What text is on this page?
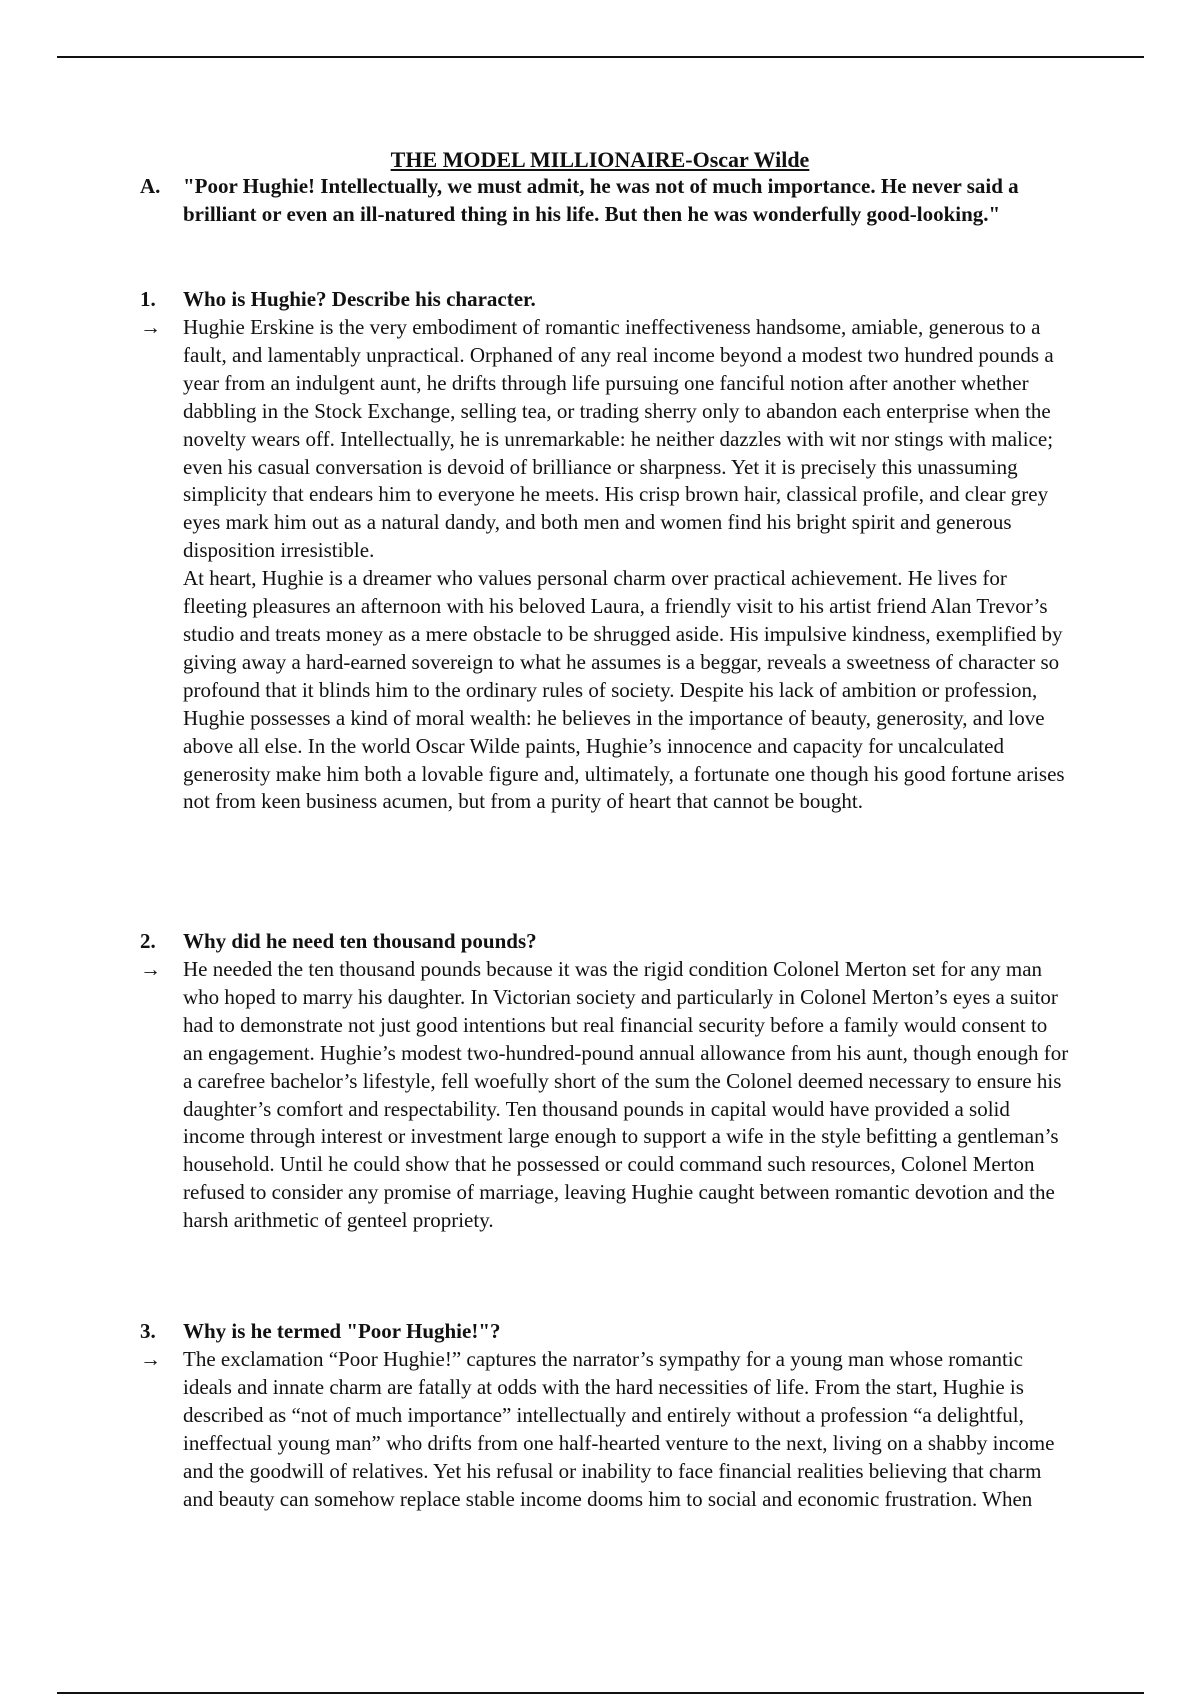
THE MODEL MILLIONAIRE-Oscar Wilde
A.	"Poor Hughie! Intellectually, we must admit, he was not of much importance. He never said a brilliant or even an ill-natured thing in his life. But then he was wonderfully good-looking."
1.	Who is Hughie? Describe his character.
→	Hughie Erskine is the very embodiment of romantic ineffectiveness handsome, amiable, generous to a fault, and lamentably unpractical. Orphaned of any real income beyond a modest two hundred pounds a year from an indulgent aunt, he drifts through life pursuing one fanciful notion after another whether dabbling in the Stock Exchange, selling tea, or trading sherry only to abandon each enterprise when the novelty wears off. Intellectually, he is unremarkable: he neither dazzles with wit nor stings with malice; even his casual conversation is devoid of brilliance or sharpness. Yet it is precisely this unassuming simplicity that endears him to everyone he meets. His crisp brown hair, classical profile, and clear grey eyes mark him out as a natural dandy, and both men and women find his bright spirit and generous disposition irresistible.

At heart, Hughie is a dreamer who values personal charm over practical achievement. He lives for fleeting pleasures an afternoon with his beloved Laura, a friendly visit to his artist friend Alan Trevor’s studio and treats money as a mere obstacle to be shrugged aside. His impulsive kindness, exemplified by giving away a hard-earned sovereign to what he assumes is a beggar, reveals a sweetness of character so profound that it blinds him to the ordinary rules of society. Despite his lack of ambition or profession, Hughie possesses a kind of moral wealth: he believes in the importance of beauty, generosity, and love above all else. In the world Oscar Wilde paints, Hughie’s innocence and capacity for uncalculated generosity make him both a lovable figure and, ultimately, a fortunate one though his good fortune arises not from keen business acumen, but from a purity of heart that cannot be bought.

2.	Why did he need ten thousand pounds?
→	He needed the ten thousand pounds because it was the rigid condition Colonel Merton set for any man who hoped to marry his daughter. In Victorian society and particularly in Colonel Merton’s eyes a suitor had to demonstrate not just good intentions but real financial security before a family would consent to an engagement. Hughie’s modest two-hundred-pound annual allowance from his aunt, though enough for a carefree bachelor’s lifestyle, fell woefully short of the sum the Colonel deemed necessary to ensure his daughter’s comfort and respectability. Ten thousand pounds in capital would have provided a solid income through interest or investment large enough to support a wife in the style befitting a gentleman’s household. Until he could show that he possessed or could command such resources, Colonel Merton refused to consider any promise of marriage, leaving Hughie caught between romantic devotion and the harsh arithmetic of genteel propriety.

3.	Why is he termed "Poor Hughie!"?
→	The exclamation “Poor Hughie!” captures the narrator’s sympathy for a young man whose romantic ideals and innate charm are fatally at odds with the hard necessities of life. From the start, Hughie is described as “not of much importance” intellectually and entirely without a profession “a delightful, ineffectual young man” who drifts from one half-hearted venture to the next, living on a shabby income and the goodwill of relatives. Yet his refusal or inability to face financial realities believing that charm and beauty can somehow replace stable income dooms him to social and economic frustration. When
